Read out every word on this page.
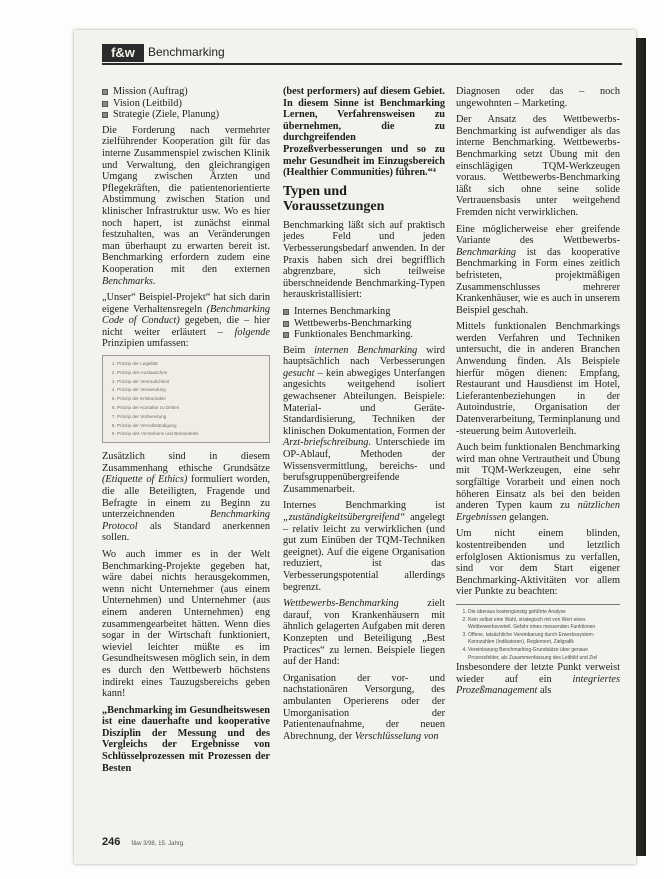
f&w	Benchmarking
Mission (Auftrag)
Vision (Leitbild)
Strategie (Ziele, Planung)

Die Forderung nach vermehrter zielführender Kooperation gilt für das interne Zusammenspiel zwischen Klinik und Verwaltung, den gleichrangigen Umgang zwischen Ärzten und Pflegekräften, die patientenorientierte Abstimmung zwischen Station und klinischer Infrastruktur usw. Wo es hier noch hapert, ist zunächst einmal festzuhalten, was an Veränderungen man überhaupt zu erwarten bereit ist. Benchmarking erfordern zudem eine Kooperation mit den externen Benchmarks.

„Unser“ Beispiel-Projekt“ hat sich darin eigene Verhaltensregeln (Benchmarking Code of Conduct) gegeben, die – hier nicht weiter erläutert – folgende Prinzipien umfassen:

1. Prinzip der Legalität
2. Prinzip des Austausches
3. Prinzip der Vertraulichkeit
4. Prinzip der Verwendung
5. Prinzip der Erstkontakte
6. Prinzip der Kontakte zu Dritten
7. Prinzip der Vorbereitung
8. Prinzip der Vervollständigung
9. Prinzip des Verstehens und Behandelns

Zusätzlich sind in diesem Zusammenhang ethische Grundsätze (Etiquette of Ethics) formuliert worden, die alle Beteiligten, Fragende und Befragte in einem zu Beginn zu unterzeichnenden	Benchmarking Protocol als Standard anerkennen sollen.

Wo auch immer es in der Welt Benchmarking-Projekte gegeben hat, wäre dabei nichts herausgekommen, wenn nicht Unternehmer (aus einem Unternehmen) und Unternehmer (aus einem anderen Unternehmen) eng zusammengearbeitet hätten. Wenn dies sogar in der Wirtschaft funktioniert, wieviel leichter müßte es im Gesundheitswesen möglich sein, in dem es durch den Wettbewerb höchstens indirekt eines Tauzugsbereichs geben kann!

„Benchmarking im Gesundheitswesen ist eine dauerhafte und kooperative Disziplin der Messung und des Vergleichs der Ergebnisse von Schlüsselprozessen mit Prozessen der Besten

(best performers) auf diesem Gebiet. In diesem Sinne ist Benchmarking Lernen, Verfahrensweisen zu übernehmen, die zu durchgreifenden Prozeßverbesserungen und so zu mehr Gesundheit im Einzugsbereich (Healthier Communities) führen.“⁴

Typen und Voraussetzungen

Benchmarking läßt sich auf praktisch jedes Feld und jeden Verbesserungsbedarf anwenden. In der Praxis haben sich drei begrifflich abgrenzbare, sich teilweise überschneidende Benchmarking-Typen herauskristallisiert:

Internes Benchmarking
Wettbewerbs-Benchmarking
Funktionales Benchmarking.

Beim internen Benchmarking wird hauptsächlich nach Verbesserungen gesucht – kein abwegiges Unterfangen angesichts weitgehend isoliert gewachsener Abteilungen. Beispiele: Material- und Geräte-Standardisierung, Techniken der klinischen Dokumentation, Formen der Arzt-briefschreibung. Unterschiede im OP-Ablauf, Methoden der Wissensvermittlung, bereichs- und berufsgruppenübergreifende Zusammenarbeit.

Internes Benchmarking ist „zuständigkeitsübergreifend“ angelegt – relativ leicht zu verwirklichen (und gut zum Einüben der TQM-Techniken geeignet). Auf die eigene Organisation reduziert, ist das Verbesserungspotential allerdings begrenzt.

Wettbewerbs-Benchmarking	zielt darauf, von Krankenhäusern mit ähnlich gelagerten Aufgaben mit deren Konzepten und Beteiligung „Best Practices“ zu lernen. Beispiele liegen auf der Hand:

Organisation der vor- und nachstationären Versorgung, des ambulanten Operierens oder der Umorganisation der Patientenaufnahme, der neuen Abrechnung, der Verschlüsselung von

Diagnosen oder das – noch ungewohnten – Marketing.

Der Ansatz des Wettbewerbs-Benchmarking ist aufwendiger als das interne Benchmarking. Wettbewerbs-Benchmarking setzt Übung mit den einschlägigen TQM-Werkzeugen voraus. Wettbewerbs-Benchmarking läßt sich ohne seine solide Vertrauensbasis unter weitgehend Fremden nicht verwirklichen.

Eine möglicherweise eher greifende Variante des Wettbewerbs-Benchmarking ist das kooperative Benchmarking in Form eines zeitlich befristeten, projektmäßigen Zusammenschlusses mehrerer Krankenhäuser, wie es auch in unserem Beispiel geschah.

Mittels funktionalen Benchmarkings werden Verfahren und Techniken untersucht, die in anderen Branchen Anwendung finden. Als Beispiele hierfür mögen dienen: Empfang, Restaurant und Hausdienst im Hotel, Lieferantenbeziehungen in der Autoindustrie, Organisation der Datenverarbeitung, Terminplanung und -steuerung beim Autoverleih.

Auch beim funktionalen Benchmarking wird man ohne Vertrautheit und Übung mit TQM-Werkzeugen, eine sehr sorgfältige Vorarbeit und einen noch höheren Einsatz als bei den beiden anderen Typen kaum zu nützlichen Ergebnissen gelangen.

Um nicht einem blinden, kostentreibenden und letztlich erfolglosen Aktionismus zu verfallen, sind vor dem Start eigener Benchmarking-Aktivitäten vor allem vier Punkte zu beachten:

1. Die überaus kostengünstig geführte Analyse
2. Kein selbst eine Wahl, strategisch mit von Wert eines Wettbewerbsvorteil. Gefahr eines messenden Funktionen
3. Offene, tatsächliche Vereinbarung durch Erwerbssystem-Kennzahlen (Indikatoren), Reglement, Zielgrafik
4. Vereinbarung Benchmarking-Grundsätze über genaue Prozessfelder, als Zusammenfassung des Leitbild und Ziel

Insbesondere der letzte Punkt verweist wieder auf ein integriertes Prozeßmanagement als

246 f&w 3/98, 15. Jahrg.
